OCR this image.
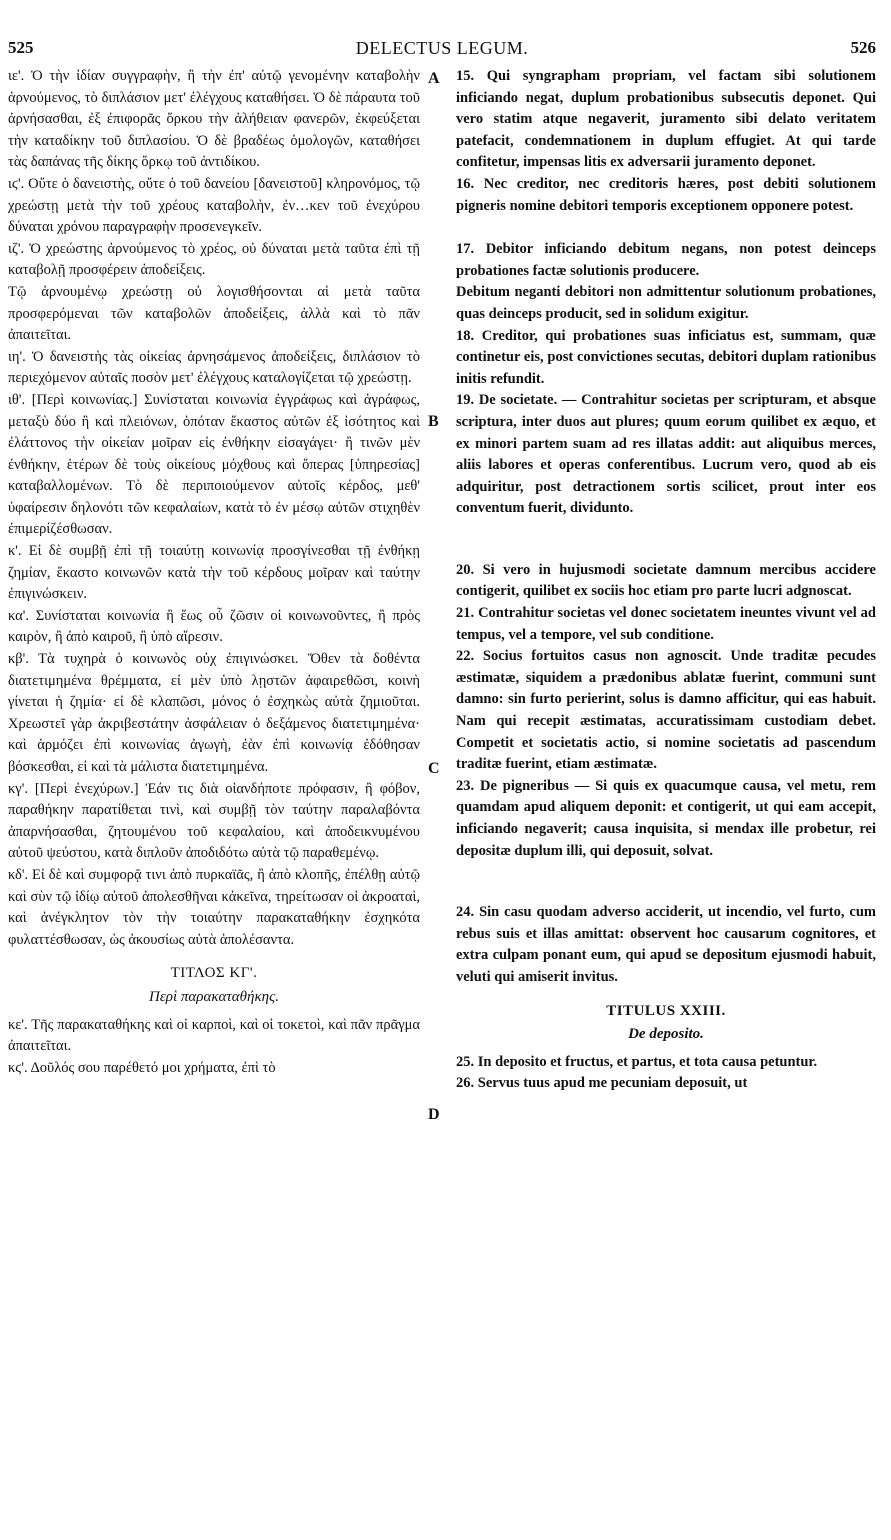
525	DELECTUS LEGUM.	526
A
B
C
D

ιε'. Ὁ τὴν ἰδίαν συγγραφὴν, ἢ τὴν ἐπ' αὐτῷ γενομένην καταβολὴν ἀρνούμενος, τὸ διπλάσιον μετ' ἐλέγχους καταθήσει. Ὁ δὲ πάραυτα τοῦ ἀρνήσασθαι, ἐξ ἐπιφορᾶς ὅρκου τὴν ἀλήθειαν φανερῶν, ἐκφεύξεται τὴν καταδίκην τοῦ διπλασίου. Ὁ δὲ βραδέως ὁμολογῶν, καταθήσει τὰς δαπάνας τῆς δίκης ὅρκῳ τοῦ ἀντιδίκου.

ιϛ'. Οὔτε ὁ δανειστὴς, οὔτε ὁ τοῦ δανείου [δανειστοῦ] κληρονόμος, τῷ χρεώστῃ μετὰ τὴν τοῦ χρέους καταβολὴν, ἐν…κεν τοῦ ἐνεχύρου δύναται χρόνου παραγραφὴν προσενεγκεῖν.

ιζ'. Ὁ χρεώστης ἀρνούμενος τὸ χρέος, οὐ δύναται μετὰ ταῦτα ἐπὶ τῇ καταβολῇ προσφέρειν ἀποδείξεις.

Τῷ ἀρνουμένῳ χρεώστῃ οὐ λογισθήσονται αἱ μετὰ ταῦτα προσφερόμεναι τῶν καταβολῶν ἀποδείξεις, ἀλλὰ καὶ τὸ πᾶν ἀπαιτεῖται.

ιη'. Ὁ δανειστὴς τὰς οἰκείας ἀρνησάμενος ἀποδείξεις, διπλάσιον τὸ περιεχόμενον αὐταῖς ποσὸν μετ' ἐλέγχους καταλογίζεται τῷ χρεώστῃ.

ιθ'. [Περὶ κοινωνίας.] Συνίσταται κοινωνία ἐγγράφως καὶ ἀγράφως, μεταξὺ δύο ἢ καὶ πλειόνων, ὁπόταν ἕκαστος αὐτῶν ἐξ ἰσότητος καὶ ἐλάττονος τὴν οἰκείαν μοῖραν εἰς ἐνθήκην εἰσαγάγει· ἢ τινῶν μὲν ἐνθήκην, ἑτέρων δὲ τοὺς οἰκείους μόχθους καὶ ὅπερας [ὑπηρεσίας] καταβαλλομένων. Τὸ δὲ περιποιούμενον αὐτοῖς κέρδος, μεθ' ὑφαίρεσιν δηλονότι τῶν κεφαλαίων, κατὰ τὸ ἐν μέσῳ αὐτῶν στιχηθὲν ἐπιμερίζέσθωσαν.

κ'. Εἰ δὲ συμβῇ ἐπὶ τῇ τοιαύτῃ κοινωνίᾳ προσγίνεσθαι τῇ ἐνθήκῃ ζημίαν, ἕκαστο κοινωνῶν κατὰ τὴν τοῦ κέρδους μοῖραν καὶ ταύτην ἐπιγινώσκειν.

κα'. Συνίσταται κοινωνία ἢ ἕως οὗ ζῶσιν οἱ κοινωνοῦντες, ἢ πρὸς καιρὸν, ἢ ἀπὸ καιροῦ, ἢ ὑπὸ αἵρεσιν.

κβ'. Τὰ τυχηρὰ ὁ κοινωνὸς οὐχ ἐπιγινώσκει. Ὅθεν τὰ δοθέντα διατετιμημένα θρέμματα, εἰ μὲν ὑπὸ λῃστῶν ἀφαιρεθῶσι, κοινὴ γίνεται ἡ ζημία· εἰ δὲ κλαπῶσι, μόνος ὁ ἐσχηκὼς αὐτὰ ζημιοῦται. Χρεωστεῖ γὰρ ἀκριβεστάτην ἀσφάλειαν ὁ δεξάμενος διατετιμημένα· καὶ ἁρμόζει ἐπὶ κοινωνίας ἀγωγὴ, ἐὰν ἐπὶ κοινωνίᾳ ἐδόθησαν βόσκεσθαι, εἰ καὶ τὰ μάλιστα διατετιμημένα.

κγ'. [Περὶ ἐνεχύρων.] Ἐάν τις διὰ οἱανδήποτε πρόφασιν, ἢ φόβον, παραθήκην παρατίθεται τινὶ, καὶ συμβῇ τὸν ταύτην παραλαβόντα ἀπαρνήσασθαι, ζητουμένου τοῦ κεφαλαίου, καὶ ἀποδεικνυμένου αὐτοῦ ψεύστου, κατὰ διπλοῦν ἀποδιδότω αὐτὰ τῷ παραθεμένῳ.

κδ'. Εἰ δὲ καὶ συμφορᾷ τινι ἀπὸ πυρκαϊᾶς, ἢ ἀπὸ κλοπῆς, ἐπέλθῃ αὐτῷ καὶ σὺν τῷ ἰδίῳ αὐτοῦ ἀπολεσθῆναι κἀκεῖνα, τηρείτωσαν οἱ ἀκροαταὶ, καὶ ἀνέγκλητον τὸν τὴν τοιαύτην παρακαταθήκην ἐσχηκότα φυλαττέσθωσαν, ὡς ἀκουσίως αὐτὰ ἀπολέσαντα.

ΤΙΤΛΟΣ ΚΓ'.
Περὶ παρακαταθήκης.

κε'. Τῆς παρακαταθήκης καὶ οἱ καρποὶ, καὶ οἱ τοκετοὶ, καὶ πᾶν πρᾶγμα ἀπαιτεῖται.

κϛ'. Δοῦλός σου παρέθετό μοι χρήματα, ἐπὶ τὸ

15. Qui syngrapham propriam, vel factam sibi solutionem inficiando negat, duplum probationibus subsecutis deponet. Qui vero statim atque negaverit, juramento sibi delato veritatem patefacit, condemnationem in duplum effugiet. At qui tarde confitetur, impensas litis ex adversarii juramento deponet.

16. Nec creditor, nec creditoris hæres, post debiti solutionem pigneris nomine debitori temporis exceptionem opponere potest.

17. Debitor inficiando debitum negans, non potest deinceps probationes factæ solutionis producere.

Debitum neganti debitori non admittentur solutionum probationes, quas deinceps producit, sed in solidum exigitur.

18. Creditor, qui probationes suas inficiatus est, summam, quæ continetur eis, post convictiones secutas, debitori duplam rationibus initis refundit.

19. De societate. — Contrahitur societas per scripturam, et absque scriptura, inter duos aut plures; quum eorum quilibet ex æquo, et ex minori partem suam ad res illatas addit: aut aliquibus merces, aliis labores et operas conferentibus. Lucrum vero, quod ab eis adquiritur, post detractionem sortis scilicet, prout inter eos conventum fuerit, dividunto.

20. Si vero in hujusmodi societate damnum mercibus accidere contigerit, quilibet ex sociis hoc etiam pro parte lucri adgnoscat.

21. Contrahitur societas vel donec societatem ineuntes vivunt vel ad tempus, vel a tempore, vel sub conditione.

22. Socius fortuitos casus non agnoscit. Unde traditæ pecudes æstimatæ, siquidem a prædonibus ablatæ fuerint, communi sunt damno: sin furto perierint, solus is damno afficitur, qui eas habuit. Nam qui recepit æstimatas, accuratissimam custodiam debet. Competit et societatis actio, si nomine societatis ad pascendum traditæ fuerint, etiam æstimatæ.

23. De pigneribus — Si quis ex quacumque causa, vel metu, rem quamdam apud aliquem deponit: et contigerit, ut qui eam accepit, inficiando negaverit; causa inquisita, si mendax ille probetur, rei depositæ duplum illi, qui deposuit, solvat.

24. Sin casu quodam adverso acciderit, ut incendio, vel furto, cum rebus suis et illas amittat: observent hoc causarum cognitores, et extra culpam ponant eum, qui apud se depositum ejusmodi habuit, veluti qui amiserit invitus.

TITULUS XXIII.
De deposito.

25. In deposito et fructus, et partus, et tota causa petuntur.

26. Servus tuus apud me pecuniam deposuit, ut
